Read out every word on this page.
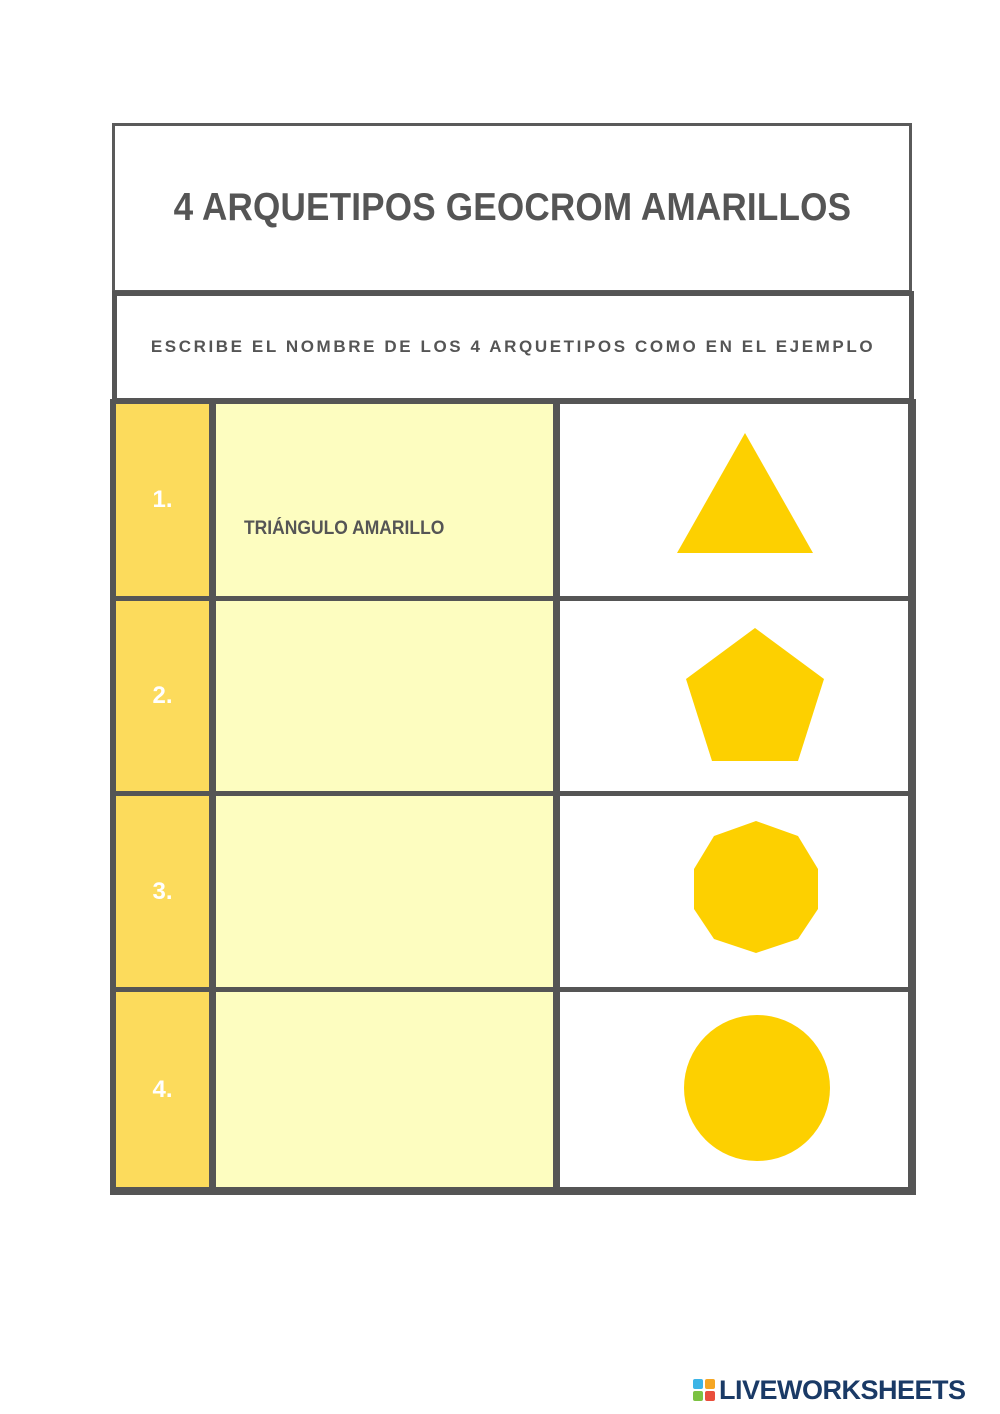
4 ARQUETIPOS GEOCROM AMARILLOS
ESCRIBE EL NOMBRE DE LOS 4 ARQUETIPOS COMO EN EL EJEMPLO
1.
TRIÁNGULO AMARILLO
2.
3.
4.
LIVEWORKSHEETS
